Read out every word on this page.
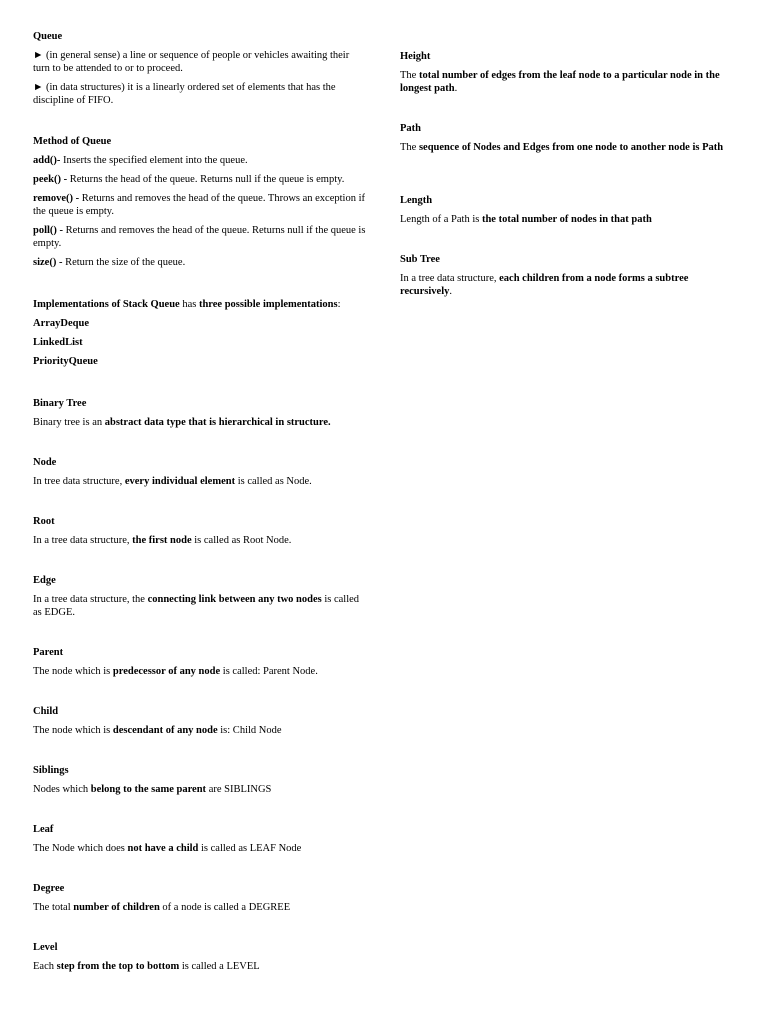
Queue
► (in general sense) a line or sequence of people or vehicles awaiting their turn to be attended to or to proceed.
► (in data structures) it is a linearly ordered set of elements that has the discipline of FIFO.
Method of Queue
add()- Inserts the specified element into the queue.
peek() - Returns the head of the queue. Returns null if the queue is empty.
remove() - Returns and removes the head of the queue. Throws an exception if the queue is empty.
poll() - Returns and removes the head of the queue. Returns null if the queue is empty.
size() - Return the size of the queue.
Implementations of Stack Queue has three possible implementations:
ArrayDeque
LinkedList
PriorityQueue
Binary Tree
Binary tree is an abstract data type that is hierarchical in structure.
Node
In tree data structure, every individual element is called as Node.
Root
In a tree data structure, the first node is called as Root Node.
Edge
In a tree data structure, the connecting link between any two nodes is called as EDGE.
Parent
The node which is predecessor of any node is called: Parent Node.
Child
The node which is descendant of any node is: Child Node
Siblings
Nodes which belong to the same parent are SIBLINGS
Leaf
The Node which does not have a child is called as LEAF Node
Degree
The total number of children of a node is called a DEGREE
Level
Each step from the top to bottom is called a LEVEL
Height
The total number of edges from the leaf node to a particular node in the longest path.
Path
The sequence of Nodes and Edges from one node to another node is Path
Length
Length of a Path is the total number of nodes in that path
Sub Tree
In a tree data structure, each children from a node forms a subtree recursively.
